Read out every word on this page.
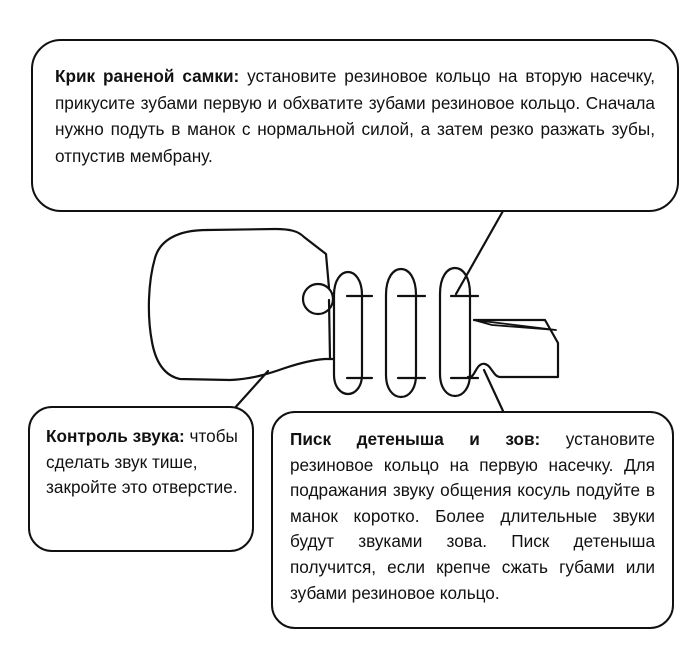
Крик раненой самки: установите резиновое кольцо на вторую насечку, прикусите зубами первую и обхватите зубами резиновое кольцо. Сначала нужно подуть в манок с нормальной силой, а затем резко разжать зубы, отпустив мембрану.

Контроль звука: чтобы сделать звук тише, закройте это отверстие.

Писк детеныша и зов: установите резиновое кольцо на первую насечку. Для подражания звуку общения косуль подуйте в манок коротко. Более длительные звуки будут звуками зова. Писк детеныша получится, если крепче сжать губами или зубами резиновое кольцо.
